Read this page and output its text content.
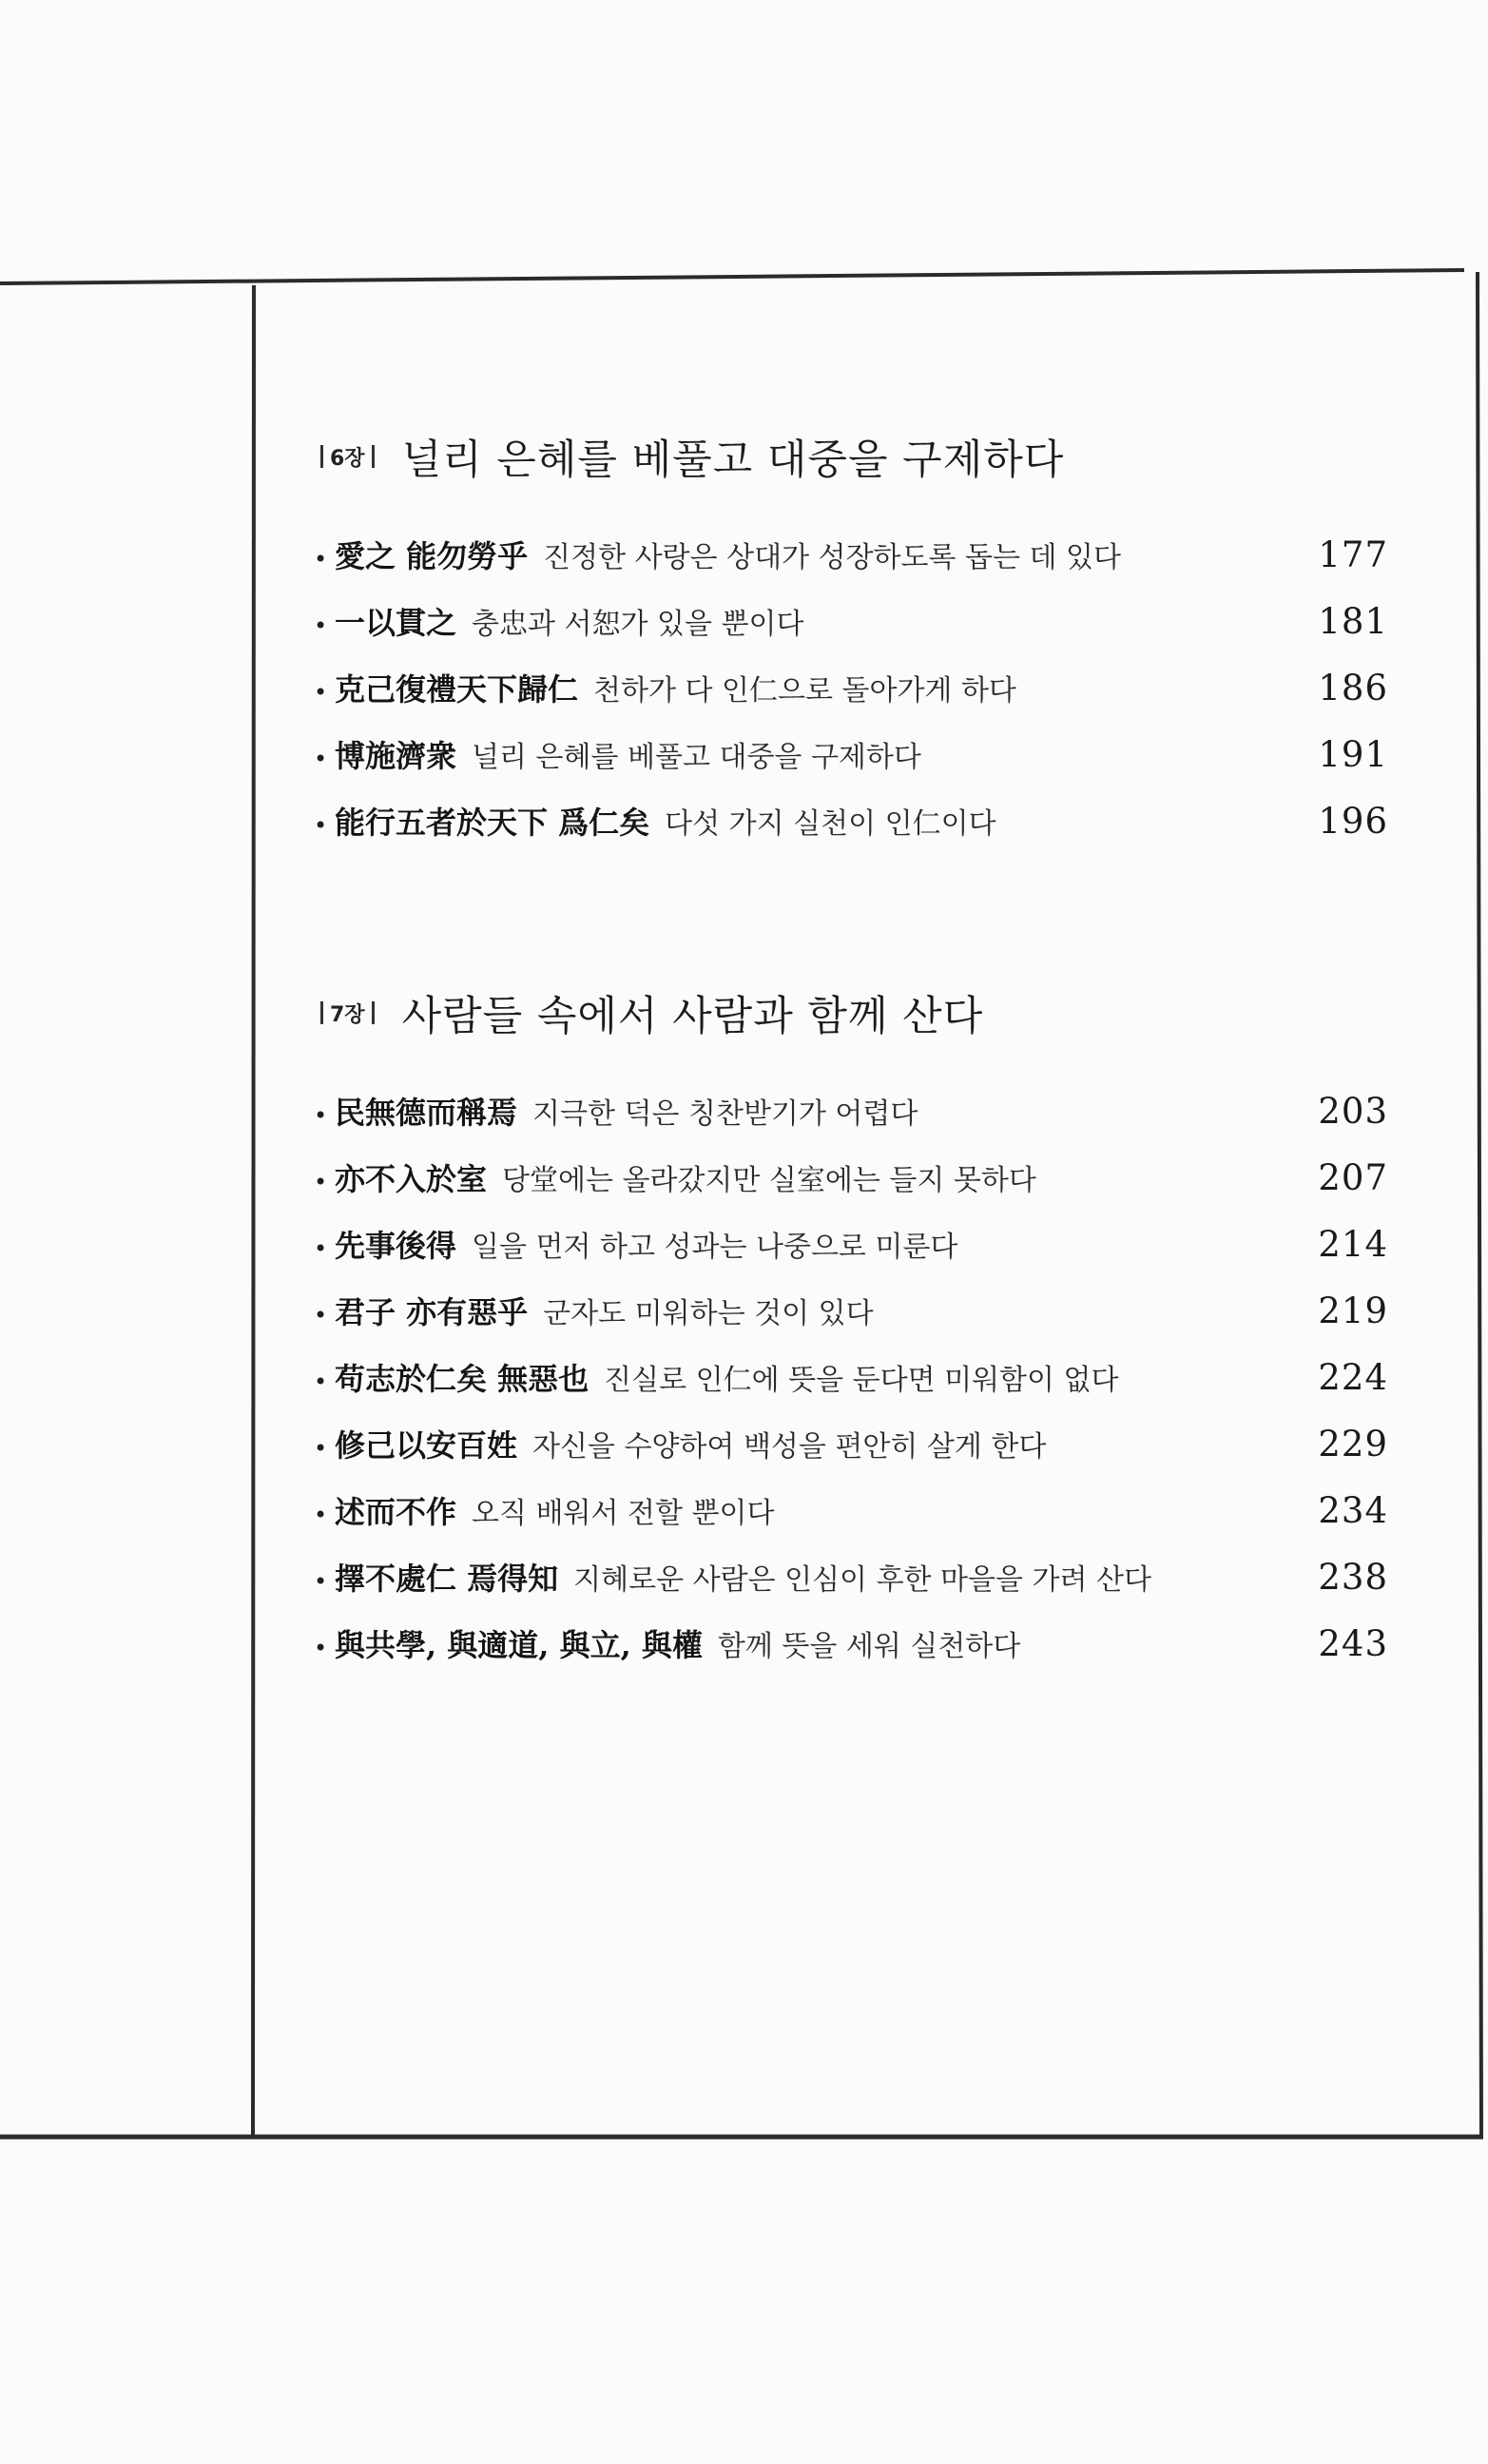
6장 널리 은혜를 베풀고 대중을 구제하다
• 愛之 能勿勞乎 진정한 사랑은 상대가 성장하도록 돕는 데 있다	177
• 一以貫之 충忠과 서恕가 있을 뿐이다	181
• 克己復禮天下歸仁 천하가 다 인仁으로 돌아가게 하다	186
• 博施濟衆 널리 은혜를 베풀고 대중을 구제하다	191
• 能行五者於天下 爲仁矣 다섯 가지 실천이 인仁이다	196
7장 사람들 속에서 사람과 함께 산다
• 民無德而稱焉 지극한 덕은 칭찬받기가 어렵다	203
• 亦不入於室 당堂에는 올라갔지만 실室에는 들지 못하다	207
• 先事後得 일을 먼저 하고 성과는 나중으로 미룬다	214
• 君子 亦有惡乎 군자도 미워하는 것이 있다	219
• 苟志於仁矣 無惡也 진실로 인仁에 뜻을 둔다면 미워함이 없다	224
• 修己以安百姓 자신을 수양하여 백성을 편안히 살게 한다	229
• 述而不作 오직 배워서 전할 뿐이다	234
• 擇不處仁 焉得知 지혜로운 사람은 인심이 후한 마을을 가려 산다	238
• 與共學, 與適道, 與立, 與權 함께 뜻을 세워 실천하다	243
